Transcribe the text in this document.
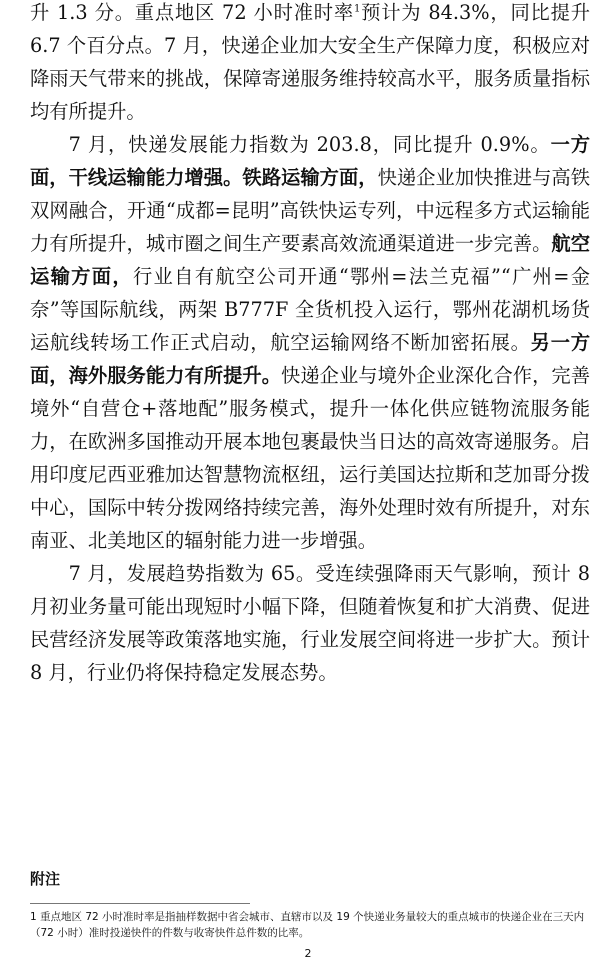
升 1.3 分。重点地区 72 小时准时率$^1$预计为 84.3%，同比提升 6.7 个百分点。7 月，快递企业加大安全生产保障力度，积极应对降雨天气带来的挑战，保障寄递服务维持较高水平，服务质量指标均有所提升。

7 月，快递发展能力指数为 203.8，同比提升 0.9%。一方面，干线运输能力增强。铁路运输方面，快递企业加快推进与高铁双网融合，开通“成都=昆明”高铁快运专列，中远程多方式运输能力有所提升，城市圈之间生产要素高效流通渠道进一步完善。航空运输方面，行业自有航空公司开通“鄂州=法兰克福”“广州=金奈”等国际航线，两架 B777F 全货机投入运行，鄂州花湖机场货运航线转场工作正式启动，航空运输网络不断加密拓展。另一方面，海外服务能力有所提升。快递企业与境外企业深化合作，完善境外“自营仓+落地配”服务模式，提升一体化供应链物流服务能力，在欧洲多国推动开展本地包裹最快当日达的高效寄递服务。启用印度尼西亚雅加达智慧物流枢纽，运行美国达拉斯和芝加哥分拨中心，国际中转分拨网络持续完善，海外处理时效有所提升，对东南亚、北美地区的辐射能力进一步增强。

7 月，发展趋势指数为 65。受连续强降雨天气影响，预计 8 月初业务量可能出现短时小幅下降，但随着恢复和扩大消费、促进民营经济发展等政策落地实施，行业发展空间将进一步扩大。预计 8 月，行业仍将保持稳定发展态势。

附注
1 重点地区 72 小时准时率是指抽样数据中省会城市、直辖市以及 19 个快递业务量较大的重点城市的快递企业在三天内（72 小时）准时投递快件的件数与收寄快件总件数的比率。
2
